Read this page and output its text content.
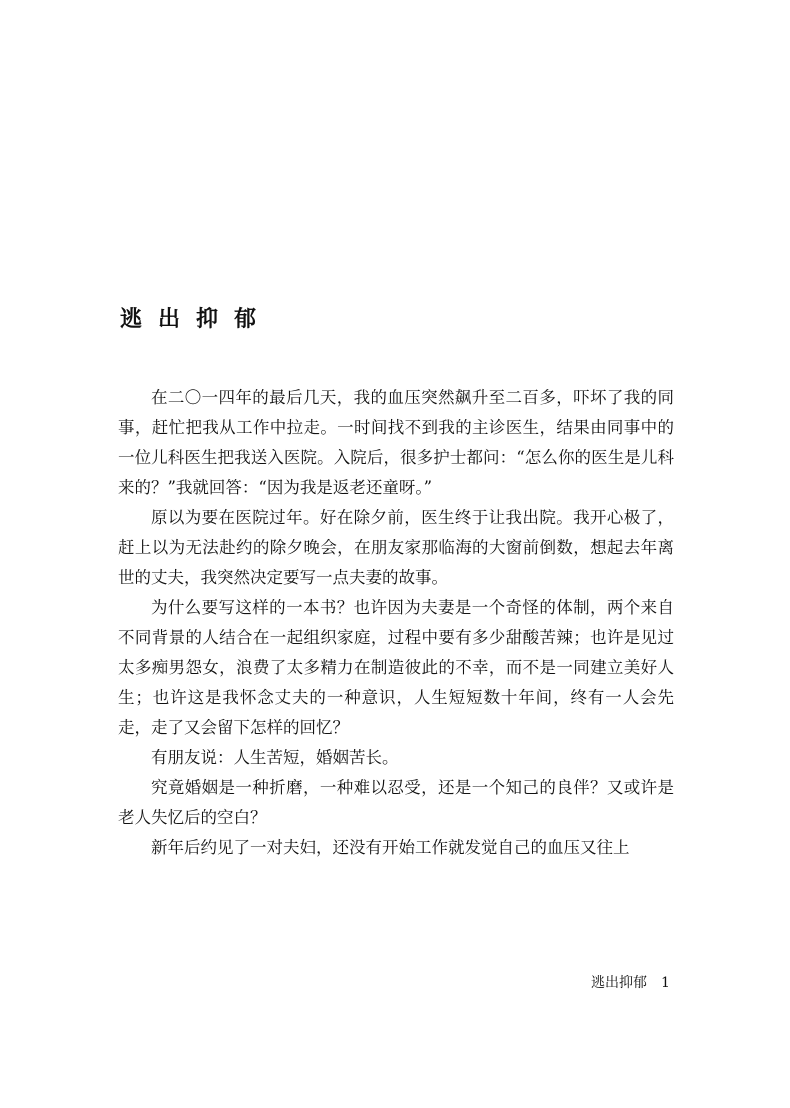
逃出抑郁

在二〇一四年的最后几天，我的血压突然飙升至二百多，吓坏了我的同事，赶忙把我从工作中拉走。一时间找不到我的主诊医生，结果由同事中的一位儿科医生把我送入医院。入院后，很多护士都问：“怎么你的医生是儿科来的？”我就回答：“因为我是返老还童呀。”

原以为要在医院过年。好在除夕前，医生终于让我出院。我开心极了，赶上以为无法赴约的除夕晚会，在朋友家那临海的大窗前倒数，想起去年离世的丈夫，我突然决定要写一点夫妻的故事。

为什么要写这样的一本书？也许因为夫妻是一个奇怪的体制，两个来自不同背景的人结合在一起组织家庭，过程中要有多少甜酸苦辣；也许是见过太多痴男怨女，浪费了太多精力在制造彼此的不幸，而不是一同建立美好人生；也许这是我怀念丈夫的一种意识，人生短短数十年间，终有一人会先走，走了又会留下怎样的回忆？

有朋友说：人生苦短，婚姻苦长。

究竟婚姻是一种折磨，一种难以忍受，还是一个知己的良伴？又或许是老人失忆后的空白？

新年后约见了一对夫妇，还没有开始工作就发觉自己的血压又往上

逃出抑郁 1
